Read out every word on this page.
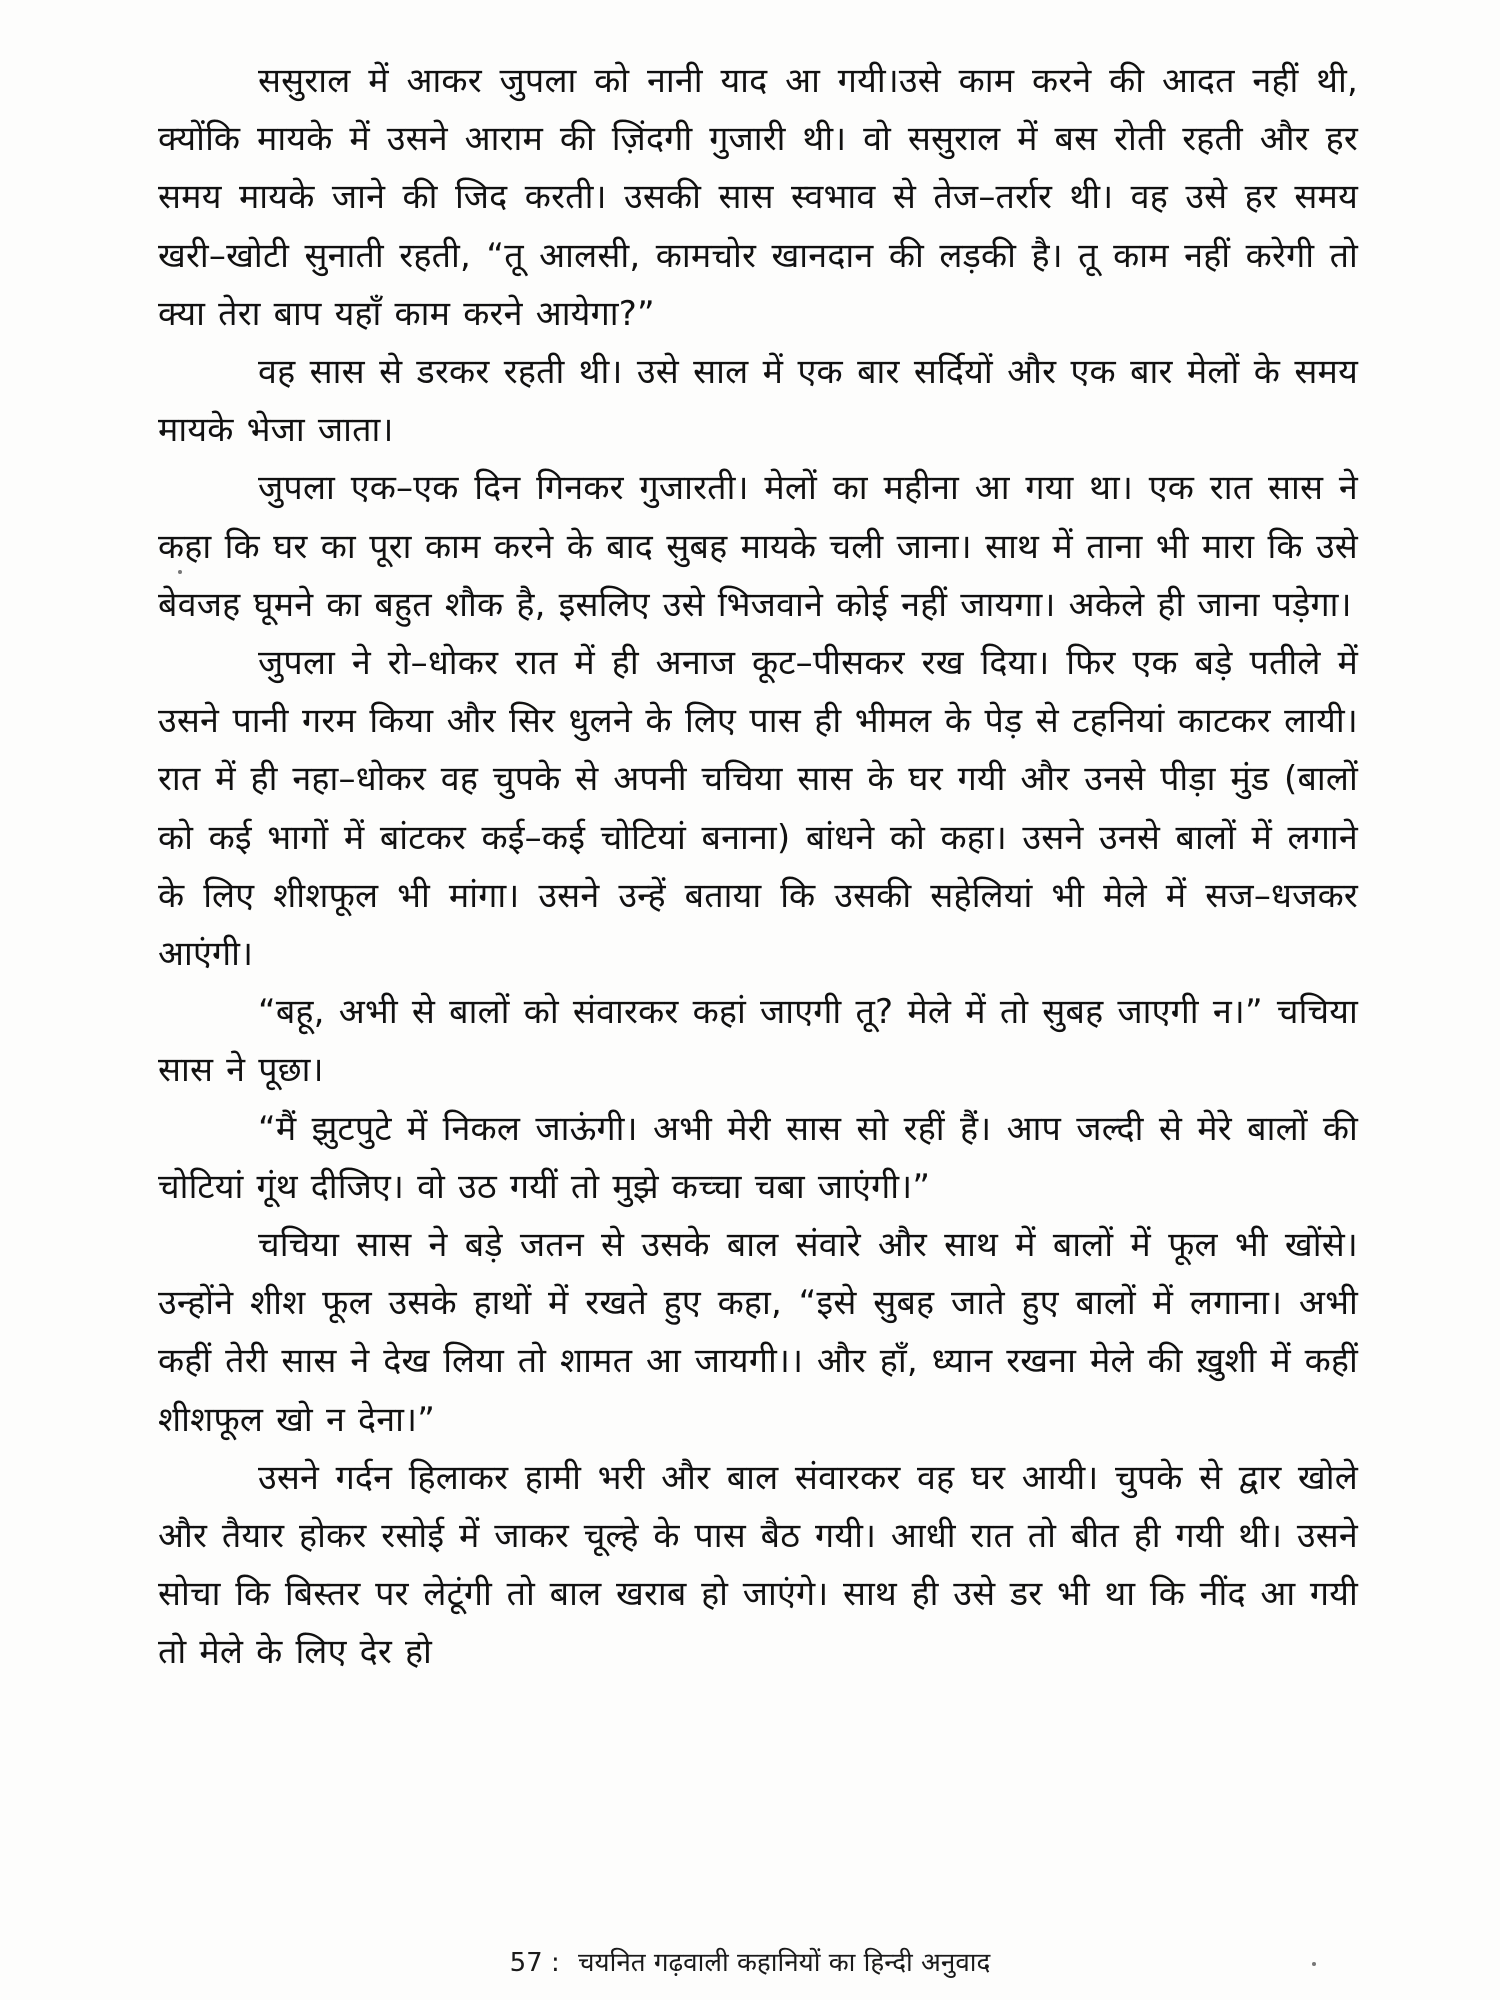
ससुराल में आकर जुपला को नानी याद आ गयी।उसे काम करने की आदत नहीं थी, क्योंकि मायके में उसने आराम की ज़िंदगी गुजारी थी। वो ससुराल में बस रोती रहती और हर समय मायके जाने की जिद करती। उसकी सास स्वभाव से तेज–तर्रार थी। वह उसे हर समय खरी–खोटी सुनाती रहती, “तू आलसी, कामचोर खानदान की लड़की है। तू काम नहीं करेगी तो क्या तेरा बाप यहाँ काम करने आयेगा?”

वह सास से डरकर रहती थी। उसे साल में एक बार सर्दियों और एक बार मेलों के समय मायके भेजा जाता।

जुपला एक–एक दिन गिनकर गुजारती। मेलों का महीना आ गया था। एक रात सास ने कहा कि घर का पूरा काम करने के बाद सुबह मायके चली जाना। साथ में ताना भी मारा कि उसे बेवजह घूमने का बहुत शौक है, इसलिए उसे भिजवाने कोई नहीं जायगा। अकेले ही जाना पड़ेगा।

जुपला ने रो–धोकर रात में ही अनाज कूट–पीसकर रख दिया। फिर एक बड़े पतीले में उसने पानी गरम किया और सिर धुलने के लिए पास ही भीमल के पेड़ से टहनियां काटकर लायी। रात में ही नहा–धोकर वह चुपके से अपनी चचिया सास के घर गयी और उनसे पीड़ा मुंड (बालों को कई भागों में बांटकर कई–कई चोटियां बनाना) बांधने को कहा। उसने उनसे बालों में लगाने के लिए शीशफूल भी मांगा। उसने उन्हें बताया कि उसकी सहेलियां भी मेले में सज–धजकर आएंगी।

“बहू, अभी से बालों को संवारकर कहां जाएगी तू? मेले में तो सुबह जाएगी न।” चचिया सास ने पूछा।

“मैं झुटपुटे में निकल जाऊंगी। अभी मेरी सास सो रहीं हैं। आप जल्दी से मेरे बालों की चोटियां गूंथ दीजिए। वो उठ गयीं तो मुझे कच्चा चबा जाएंगी।”

चचिया सास ने बड़े जतन से उसके बाल संवारे और साथ में बालों में फूल भी खोंसे। उन्होंने शीश फूल उसके हाथों में रखते हुए कहा, “इसे सुबह जाते हुए बालों में लगाना। अभी कहीं तेरी सास ने देख लिया तो शामत आ जायगी।। और हाँ, ध्यान रखना मेले की ख़ुशी में कहीं शीशफूल खो न देना।”

उसने गर्दन हिलाकर हामी भरी और बाल संवारकर वह घर आयी। चुपके से द्वार खोले और तैयार होकर रसोई में जाकर चूल्हे के पास बैठ गयी। आधी रात तो बीत ही गयी थी। उसने सोचा कि बिस्तर पर लेटूंगी तो बाल खराब हो जाएंगे। साथ ही उसे डर भी था कि नींद आ गयी तो मेले के लिए देर हो

57 : चयनित गढ़वाली कहानियों का हिन्दी अनुवाद
